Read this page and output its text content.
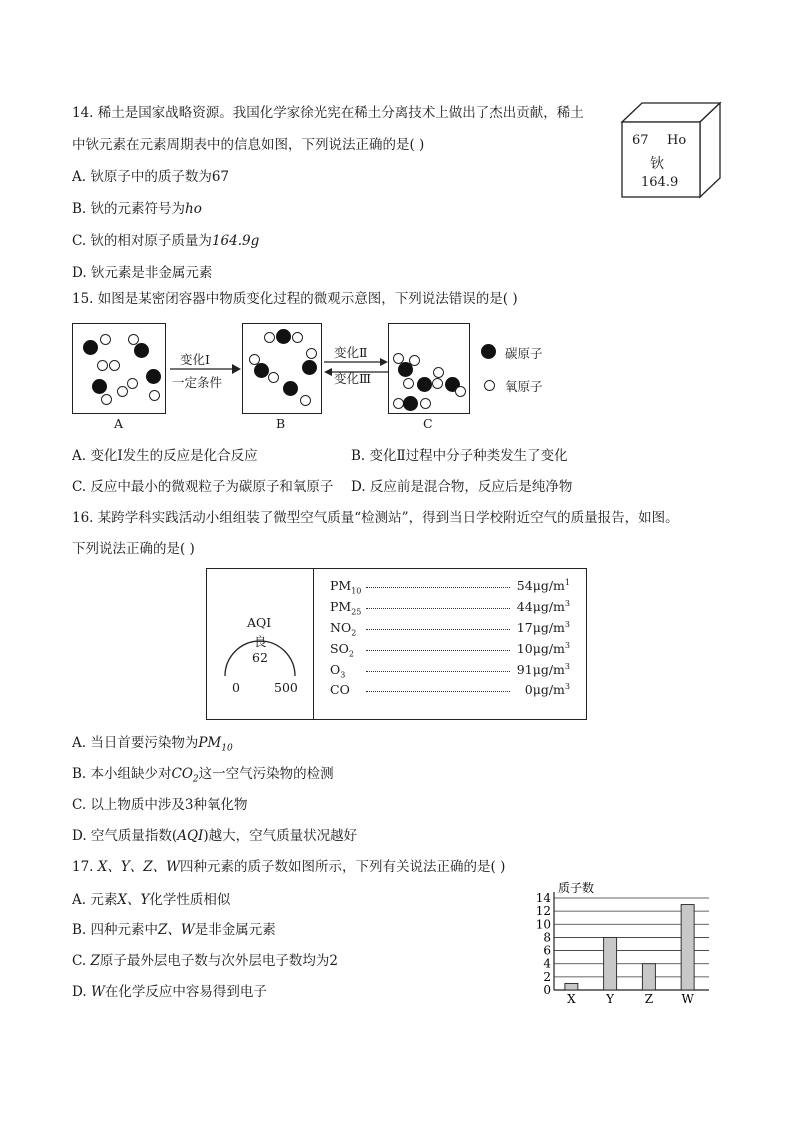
14. 稀土是国家战略资源。我国化学家徐光宪在稀土分离技术上做出了杰出贡献，稀土
中钬元素在元素周期表中的信息如图，下列说法正确的是( )
A. 钬原子中的质子数为67
B. 钬的元素符号为ho
C. 钬的相对原子质量为164.9g
D. 钬元素是非金属元素
67 Ho
钬
164.9
15. 如图是某密闭容器中物质变化过程的微观示意图，下列说法错误的是( )
变化I
一定条件
变化Ⅱ
变化Ⅲ
A	B	C
碳原子
氧原子
A. 变化Ⅰ发生的反应是化合反应	B. 变化Ⅱ过程中分子种类发生了变化
C. 反应中最小的微观粒子为碳原子和氧原子 D. 反应前是混合物，反应后是纯净物
16. 某跨学科实践活动小组组装了微型空气质量“检测站”，得到当日学校附近空气的质量报告，如图。
下列说法正确的是( )
AQI
良
62
0	500
$PM_{10}$	$54\mu g/m^1$
$PM_{25}$	$44\mu g/m^3$
$NO_2$	$17\mu g/m^3$
$SO_2$	$10\mu g/m^3$
$O_3$	$91\mu g/m^3$
CO	$0\mu g/m^3$
A. 当日首要污染物为$PM_{10}$
B. 本小组缺少对$CO_2$这一空气污染物的检测
C. 以上物质中涉及3种氧化物
D. 空气质量指数(AQI)越大，空气质量状况越好
17. X、Y、Z、W四种元素的质子数如图所示，下列有关说法正确的是( )
A. 元素X、Y化学性质相似
B. 四种元素中Z、W是非金属元素
C. Z原子最外层电子数与次外层电子数均为2
D. W在化学反应中容易得到电子	0
2
4
6
8
10
12
14
质子数
X	Y	Z W
